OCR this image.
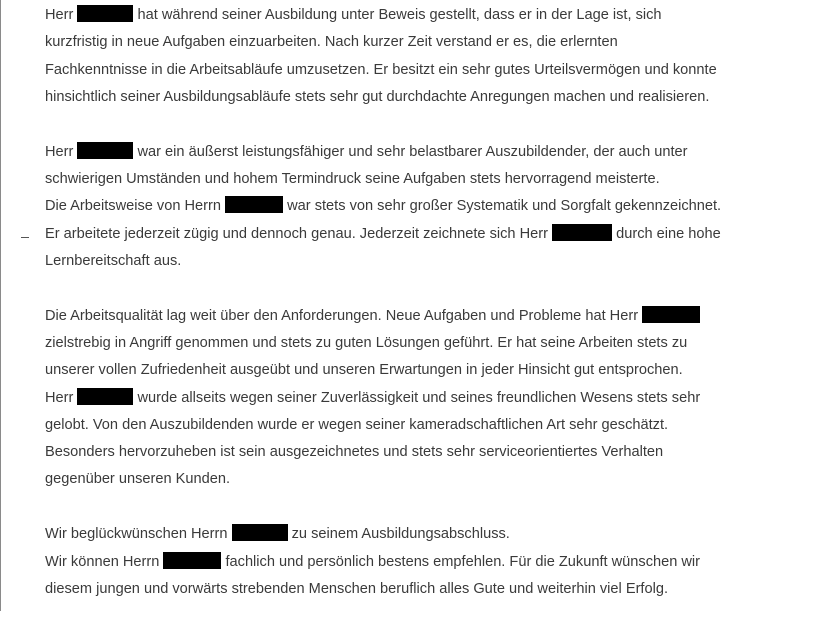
Herr	hat während seiner Ausbildung unter Beweis gestellt, dass er in der Lage ist, sich
kurzfristig in neue Aufgaben einzuarbeiten. Nach kurzer Zeit verstand er es, die erlernten
Fachkenntnisse in die Arbeitsabläufe umzusetzen. Er besitzt ein sehr gutes Urteilsvermögen und konnte
hinsichtlich seiner Ausbildungsabläufe stets sehr gut durchdachte Anregungen machen und realisieren.

Herr	war ein äußerst leistungsfähiger und sehr belastbarer Auszubildender, der auch unter
schwierigen Umständen und hohem Termindruck seine Aufgaben stets hervorragend meisterte.
Die Arbeitsweise von Herrn	war stets von sehr großer Systematik und Sorgfalt gekennzeichnet.
Er arbeitete jederzeit zügig und dennoch genau. Jederzeit zeichnete sich Herr	durch eine hohe
Lernbereitschaft aus.

Die Arbeitsqualität lag weit über den Anforderungen. Neue Aufgaben und Probleme hat Herr
zielstrebig in Angriff genommen und stets zu guten Lösungen geführt. Er hat seine Arbeiten stets zu
unserer vollen Zufriedenheit ausgeübt und unseren Erwartungen in jeder Hinsicht gut entsprochen.
Herr	wurde allseits wegen seiner Zuverlässigkeit und seines freundlichen Wesens stets sehr
gelobt. Von den Auszubildenden wurde er wegen seiner kameradschaftlichen Art sehr geschätzt.
Besonders hervorzuheben ist sein ausgezeichnetes und stets sehr serviceorientiertes Verhalten
gegenüber unseren Kunden.

Wir beglückwünschen Herrn	zu seinem Ausbildungsabschluss.
Wir können Herrn	fachlich und persönlich bestens empfehlen. Für die Zukunft wünschen wir
diesem jungen und vorwärts strebenden Menschen beruflich alles Gute und weiterhin viel Erfolg.
